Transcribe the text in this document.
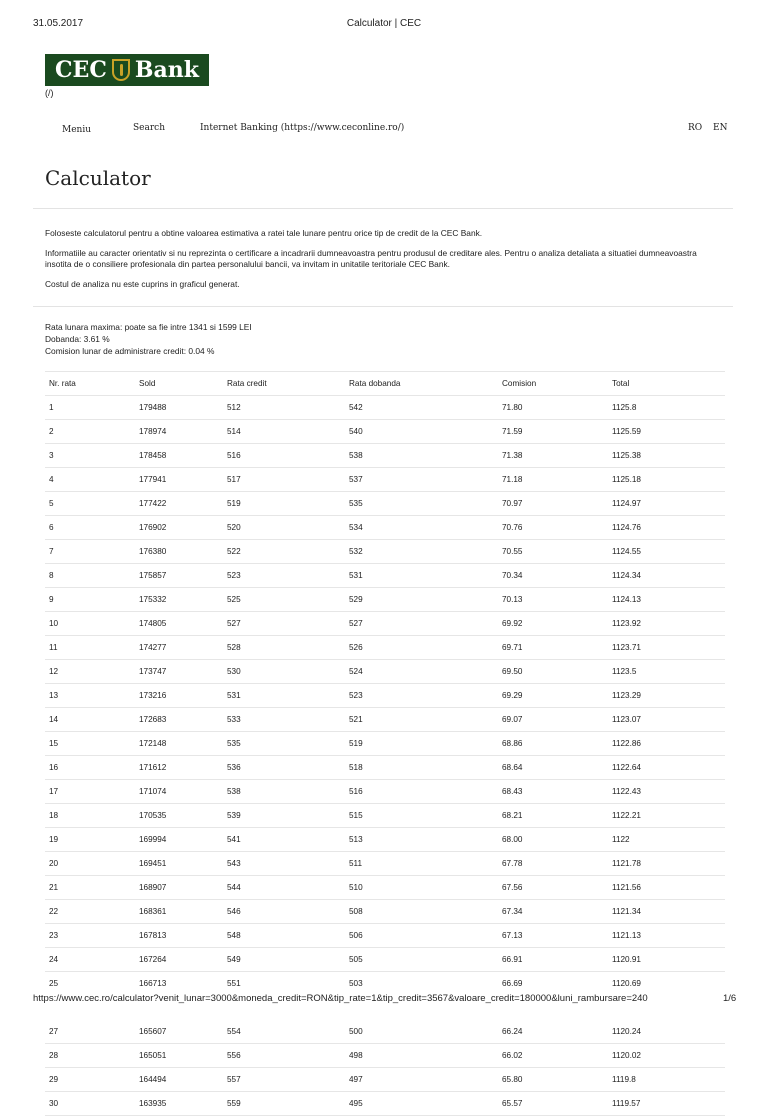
31.05.2017	Calculator | CEC
CEC Bank
(/)
Meniu	Search	Internet Banking (https://www.ceconline.ro/)	RO EN
Calculator

Foloseste calculatorul pentru a obtine valoarea estimativa a ratei tale lunare pentru orice tip de credit de la CEC Bank.

Informatiile au caracter orientativ si nu reprezinta o certificare a incadrarii dumneavoastra pentru produsul de creditare ales. Pentru o analiza detaliata a situatiei dumneavoastra insotita de o consiliere profesionala din partea personalului bancii, va invitam in unitatile teritoriale CEC Bank.

Costul de analiza nu este cuprins in graficul generat.

Rata lunara maxima: poate sa fie intre 1341 si 1599 LEI
Dobanda: 3.61 %
Comision lunar de administrare credit: 0.04 %
Nr. rata	Sold	Rata credit	Rata dobanda	Comision	Total
1	179488	512	542	71.80	1125.8
2	178974	514	540	71.59	1125.59
3	178458	516	538	71.38	1125.38
4	177941	517	537	71.18	1125.18
5	177422	519	535	70.97	1124.97
6	176902	520	534	70.76	1124.76
7	176380	522	532	70.55	1124.55
8	175857	523	531	70.34	1124.34
9	175332	525	529	70.13	1124.13
10	174805	527	527	69.92	1123.92
11	174277	528	526	69.71	1123.71
12	173747	530	524	69.50	1123.5
13	173216	531	523	69.29	1123.29
14	172683	533	521	69.07	1123.07
15	172148	535	519	68.86	1122.86
16	171612	536	518	68.64	1122.64
17	171074	538	516	68.43	1122.43
18	170535	539	515	68.21	1122.21
19	169994	541	513	68.00	1122
20	169451	543	511	67.78	1121.78
21	168907	544	510	67.56	1121.56
22	168361	546	508	67.34	1121.34
23	167813	548	506	67.13	1121.13
24	167264	549	505	66.91	1120.91
25	166713	551	503	66.69	1120.69

27	165607	554	500	66.24	1120.24
28	165051	556	498	66.02	1120.02
29	164494	557	497	65.80	1119.8
30	163935	559	495	65.57	1119.57
https://www.cec.ro/calculator?venit_lunar=3000&moneda_credit=RON&tip_rate=1&tip_credit=3567&valoare_credit=180000&luni_rambursare=240	1/6
